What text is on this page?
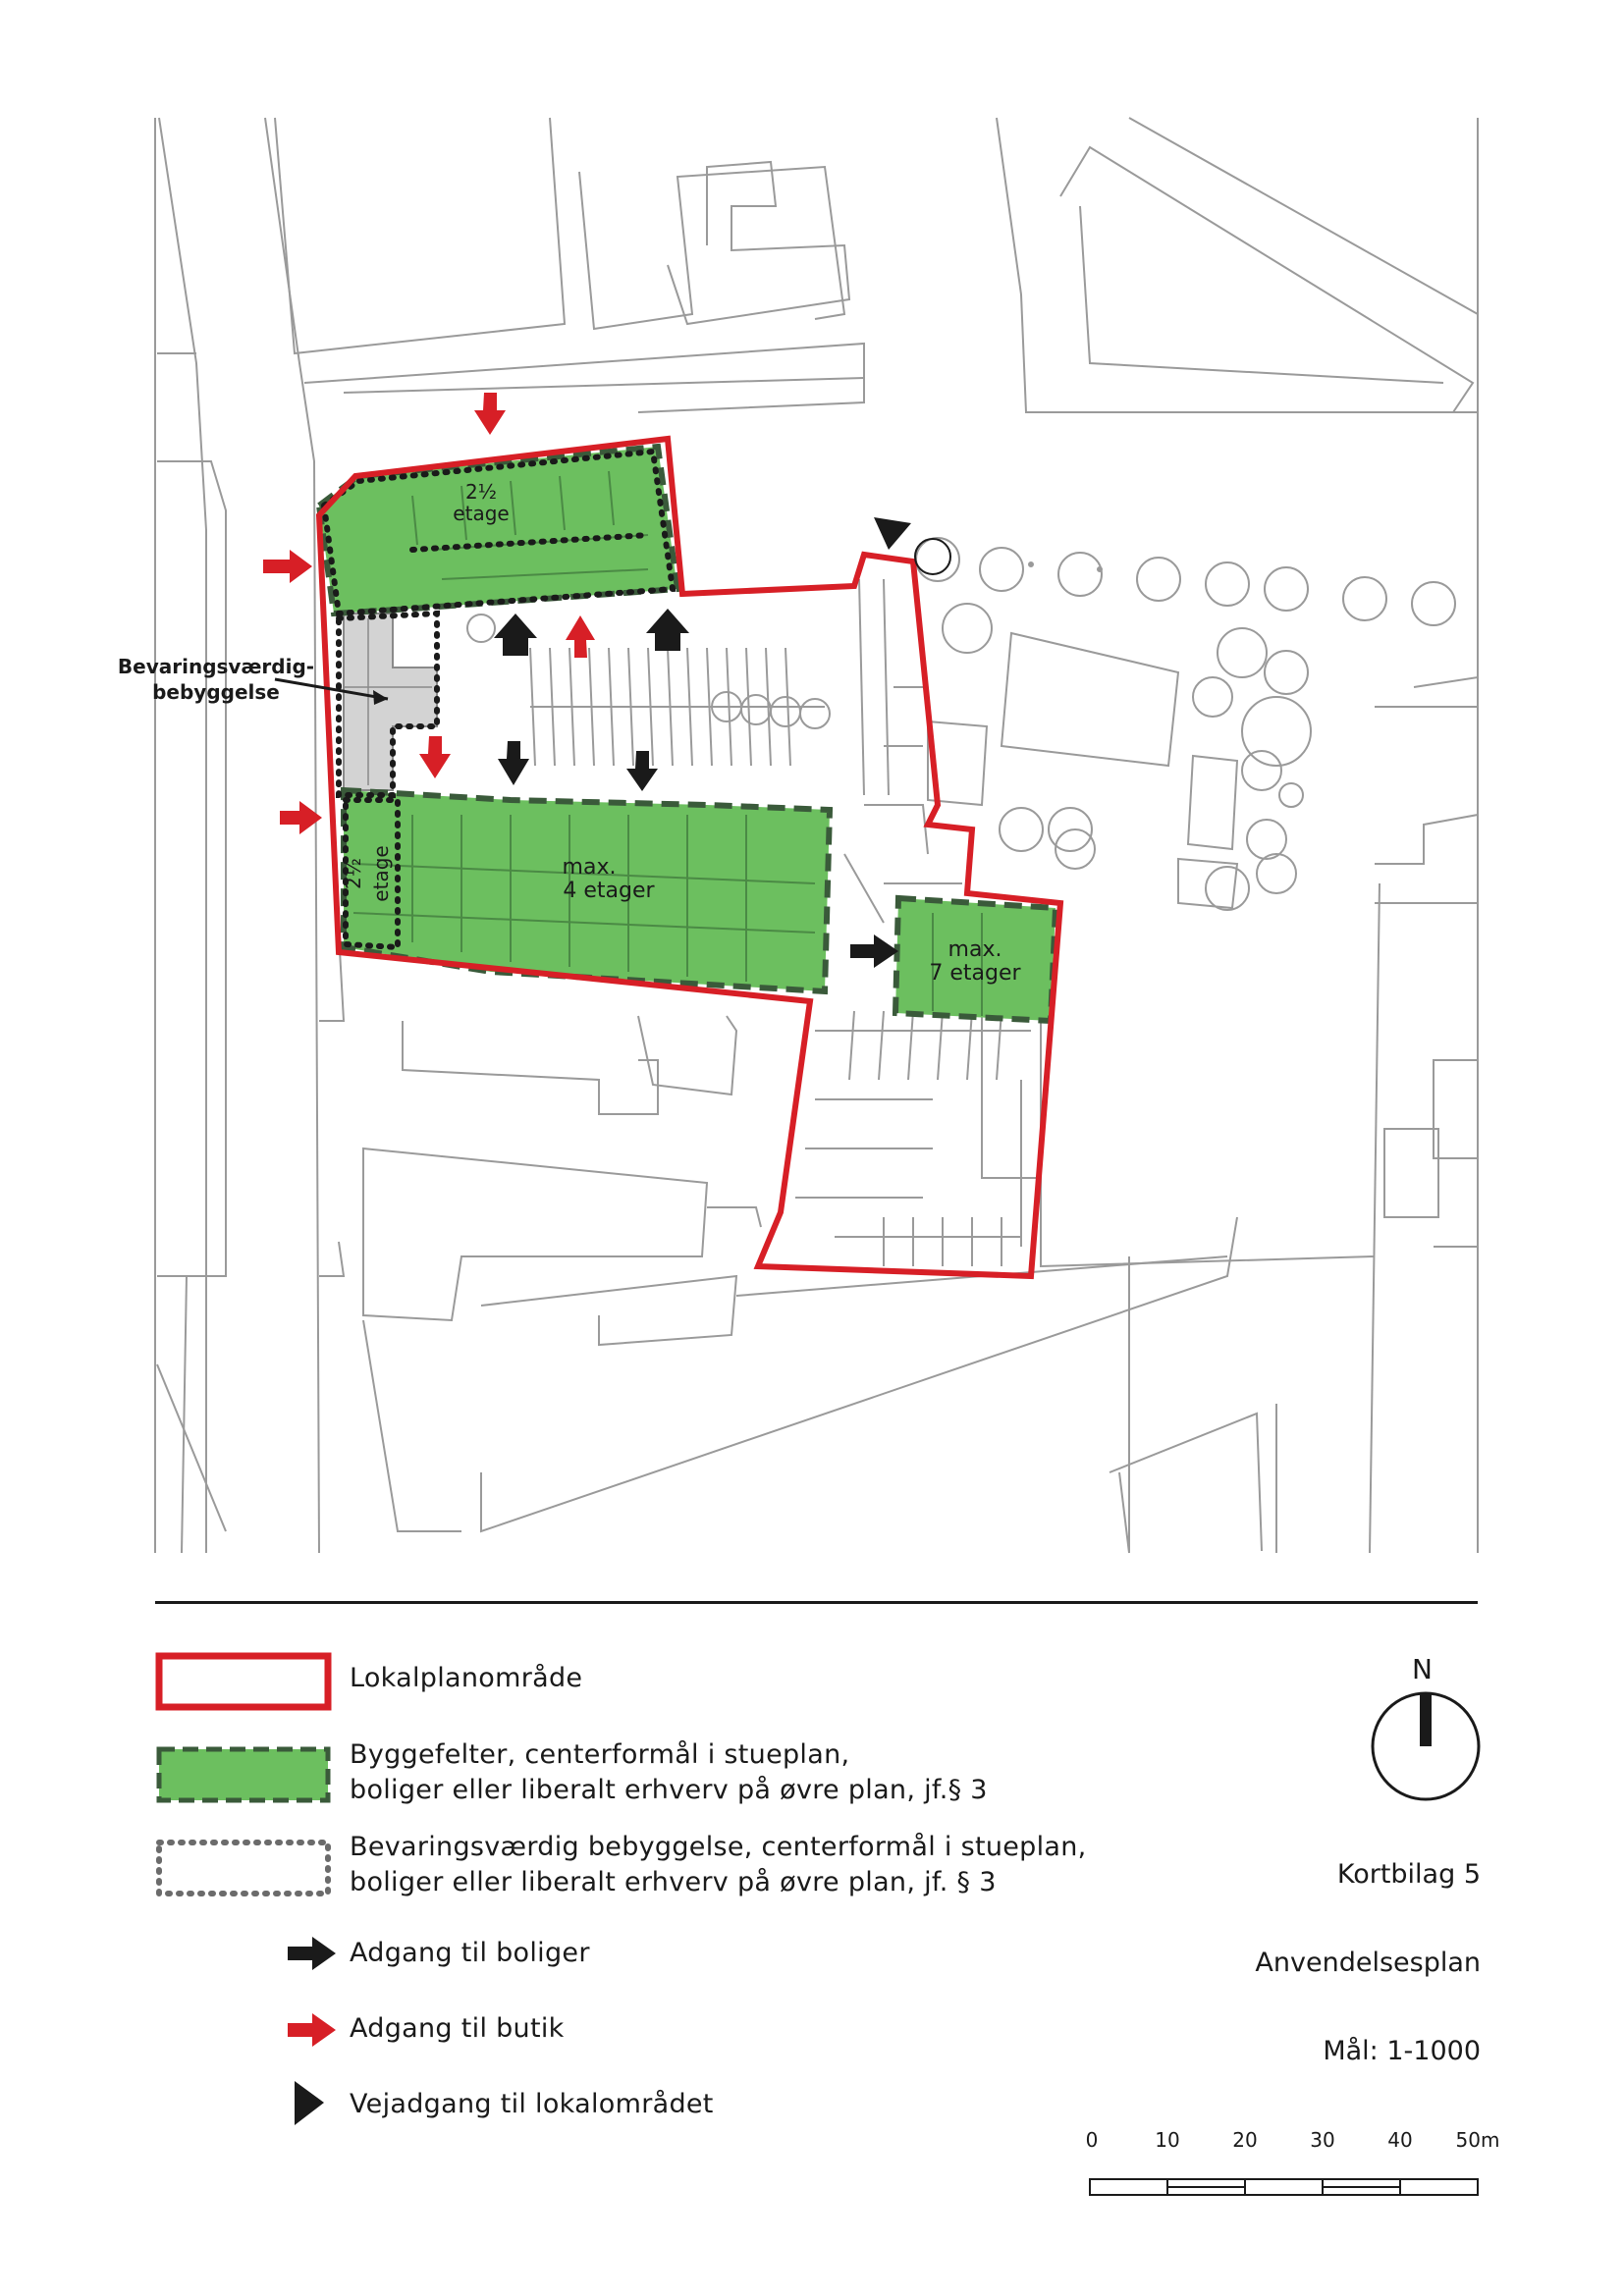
Bevaringsværdig-
bebyggelse
2½
etage
2½ etage	max.
4 etager
max.
7 etager
Lokalplanområde
Byggefelter, centerformål i stueplan,
boliger eller liberalt erhverv på øvre plan, jf.§ 3
Bevaringsværdig bebyggelse, centerformål i stueplan,
boliger eller liberalt erhverv på øvre plan, jf. § 3
Adgang til boliger
Adgang til butik
Vejadgang til lokalområdet
N
Kortbilag 5
Anvendelsesplan
Mål: 1-1000
0	10	20	30	40 50m
